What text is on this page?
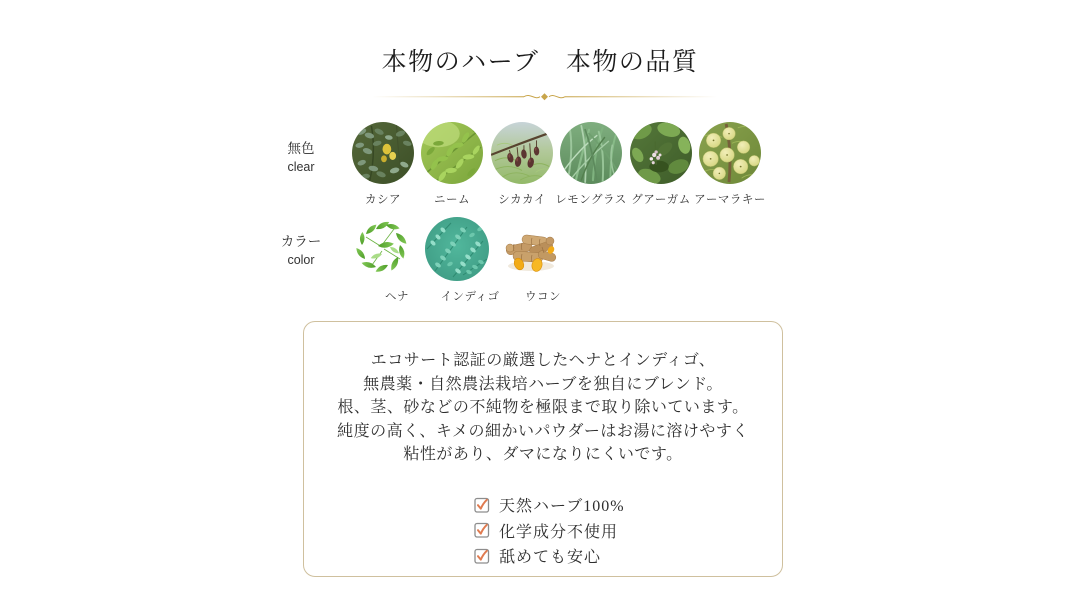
本物のハーブ　本物の品質
無色
clear
カラー
color
カシア	ニーム シカカイ レモングラス グアーガム アーマラキー
ヘナ	インディゴ ウコン
エコサート認証の厳選したヘナとインディゴ、
無農薬・自然農法栽培ハーブを独自にブレンド。
根、茎、砂などの不純物を極限まで取り除いています。
純度の高く、キメの細かいパウダーはお湯に溶けやすく
粘性があり、ダマになりにくいです。
天然ハーブ100%
化学成分不使用
舐めても安心
